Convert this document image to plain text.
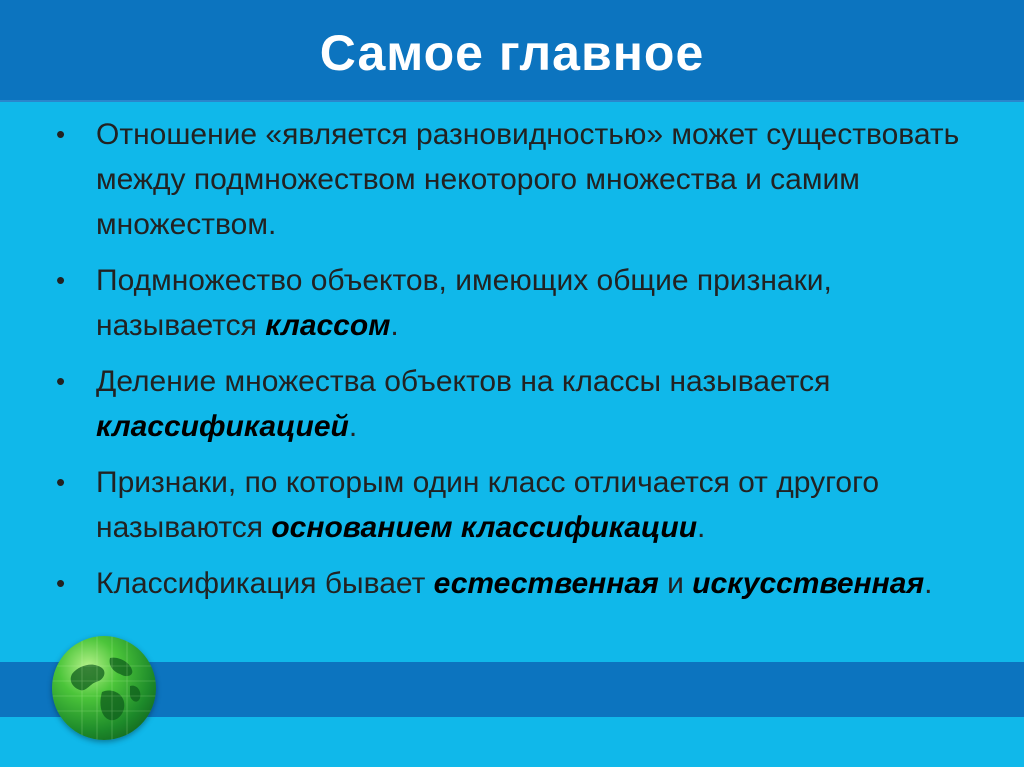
Самое главное
•	Отношение «является разновидностью» может существовать между подмножеством некоторого множества и самим множеством.
•	Подмножество объектов, имеющих общие признаки, называется классом.
•	Деление множества объектов на классы называется классификацией.
•	Признаки, по которым один класс отличается от другого называются основанием классификации.
•	Классификация бывает естественная и искусственная.
